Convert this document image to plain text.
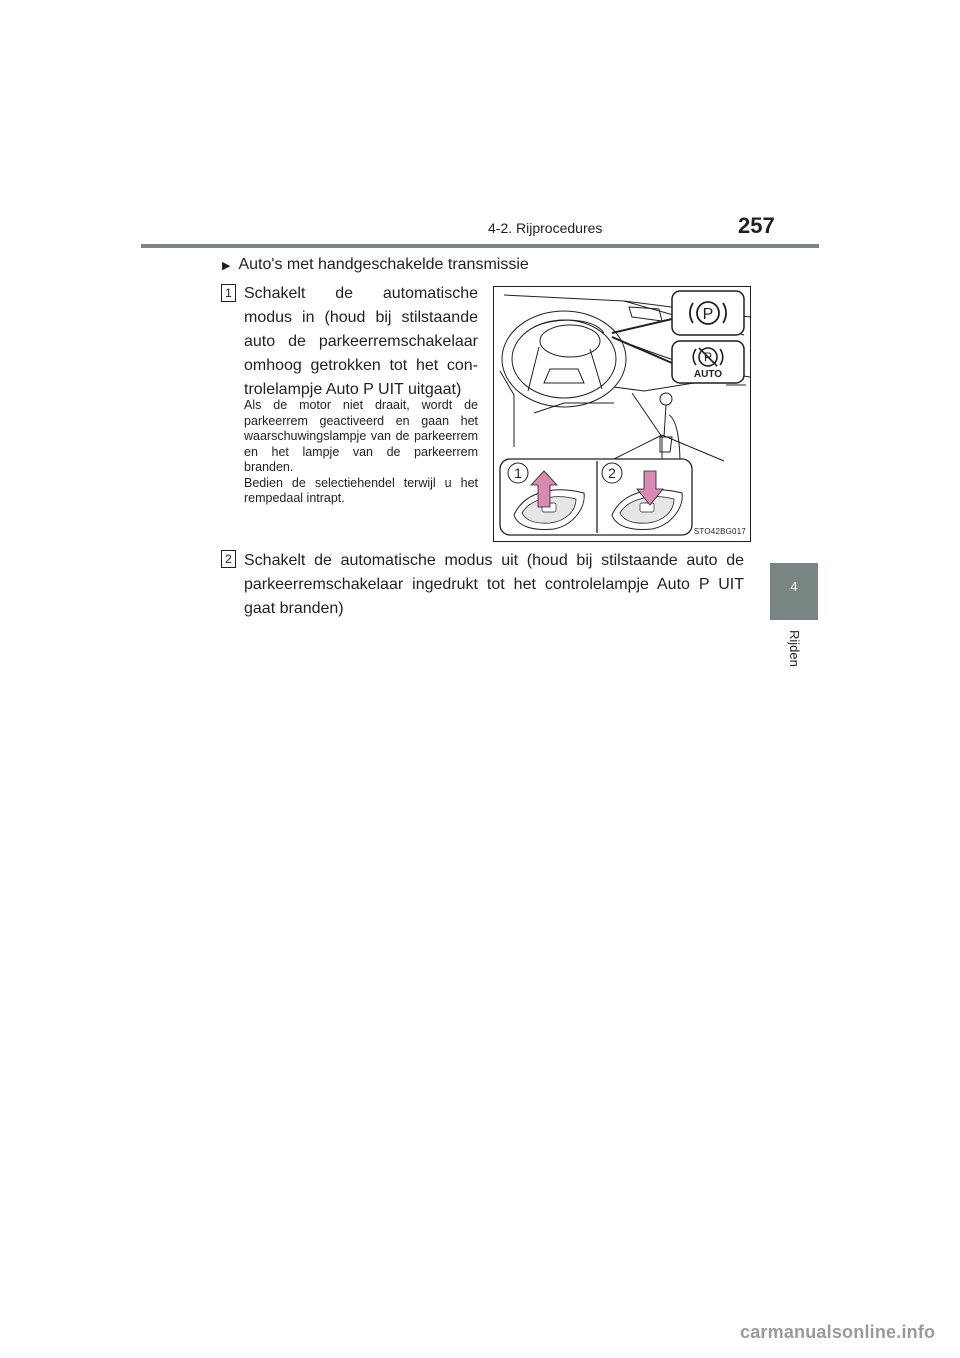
4-2. Rijprocedures	257
4
Rijden
▶ Auto's met handgeschakelde transmissie
1 Schakelt de automatische modus in (houd bij stilstaande auto de parkeerremschakelaar omhoog getrokken tot het con-trolelampje Auto P UIT uitgaat)
Als de motor niet draait, wordt de parkeerrem geactiveerd en gaan het waarschuwingslampje van de parkeerrem en het lampje van de parkeerrem branden.
Bedien de selectiehendel terwijl u het rempedaal intrapt.
2 Schakelt de automatische modus uit (houd bij stilstaande auto de parkeerremschakelaar ingedrukt tot het controlelampje Auto P UIT gaat branden)
P
P
AUTO
1	2
STO42BG017
carmanualsonline.info
